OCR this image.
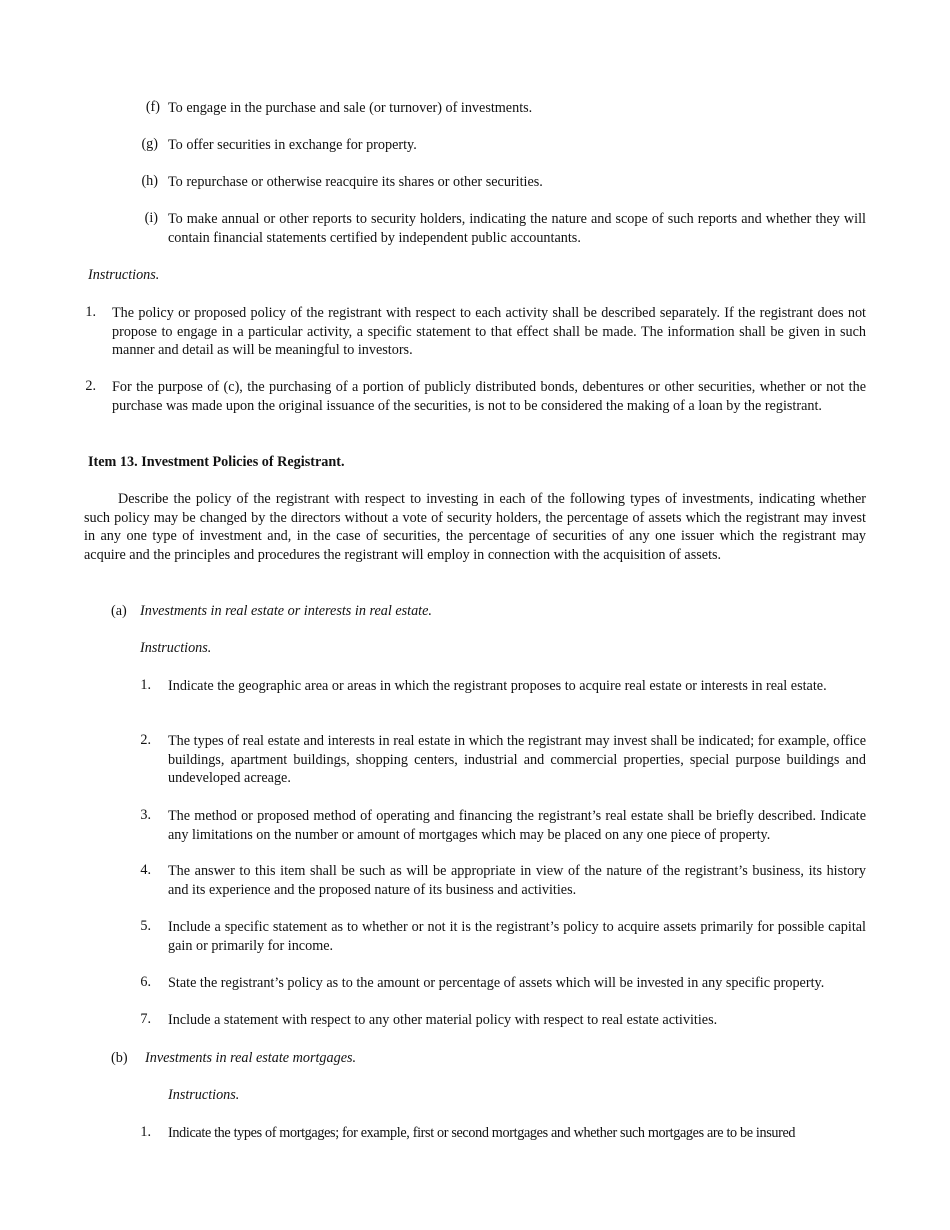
(f) To engage in the purchase and sale (or turnover) of investments.
(g) To offer securities in exchange for property.
(h) To repurchase or otherwise reacquire its shares or other securities.
(i) To make annual or other reports to security holders, indicating the nature and scope of such reports and whether they will contain financial statements certified by independent public accountants.
Instructions.
1. The policy or proposed policy of the registrant with respect to each activity shall be described separately. If the registrant does not propose to engage in a particular activity, a specific statement to that effect shall be made. The information shall be given in such manner and detail as will be meaningful to investors.
2. For the purpose of (c), the purchasing of a portion of publicly distributed bonds, debentures or other securities, whether or not the purchase was made upon the original issuance of the securities, is not to be considered the making of a loan by the registrant.
Item 13. Investment Policies of Registrant.
Describe the policy of the registrant with respect to investing in each of the following types of investments, indicating whether such policy may be changed by the directors without a vote of security holders, the percentage of assets which the registrant may invest in any one type of investment and, in the case of securities, the percentage of securities of any one issuer which the registrant may acquire and the principles and procedures the registrant will employ in connection with the acquisition of assets.
(a) Investments in real estate or interests in real estate.
Instructions.
1. Indicate the geographic area or areas in which the registrant proposes to acquire real estate or interests in real estate.
2. The types of real estate and interests in real estate in which the registrant may invest shall be indicated; for example, office buildings, apartment buildings, shopping centers, industrial and commercial properties, special purpose buildings and undeveloped acreage.
3. The method or proposed method of operating and financing the registrant’s real estate shall be briefly described. Indicate any limitations on the number or amount of mortgages which may be placed on any one piece of property.
4. The answer to this item shall be such as will be appropriate in view of the nature of the registrant’s business, its history and its experience and the proposed nature of its business and activities.
5. Include a specific statement as to whether or not it is the registrant’s policy to acquire assets primarily for possible capital gain or primarily for income.
6. State the registrant’s policy as to the amount or percentage of assets which will be invested in any specific property.
7. Include a statement with respect to any other material policy with respect to real estate activities.
(b) Investments in real estate mortgages.
Instructions.
1. Indicate the types of mortgages; for example, first or second mortgages and whether such mortgages are to be insured
